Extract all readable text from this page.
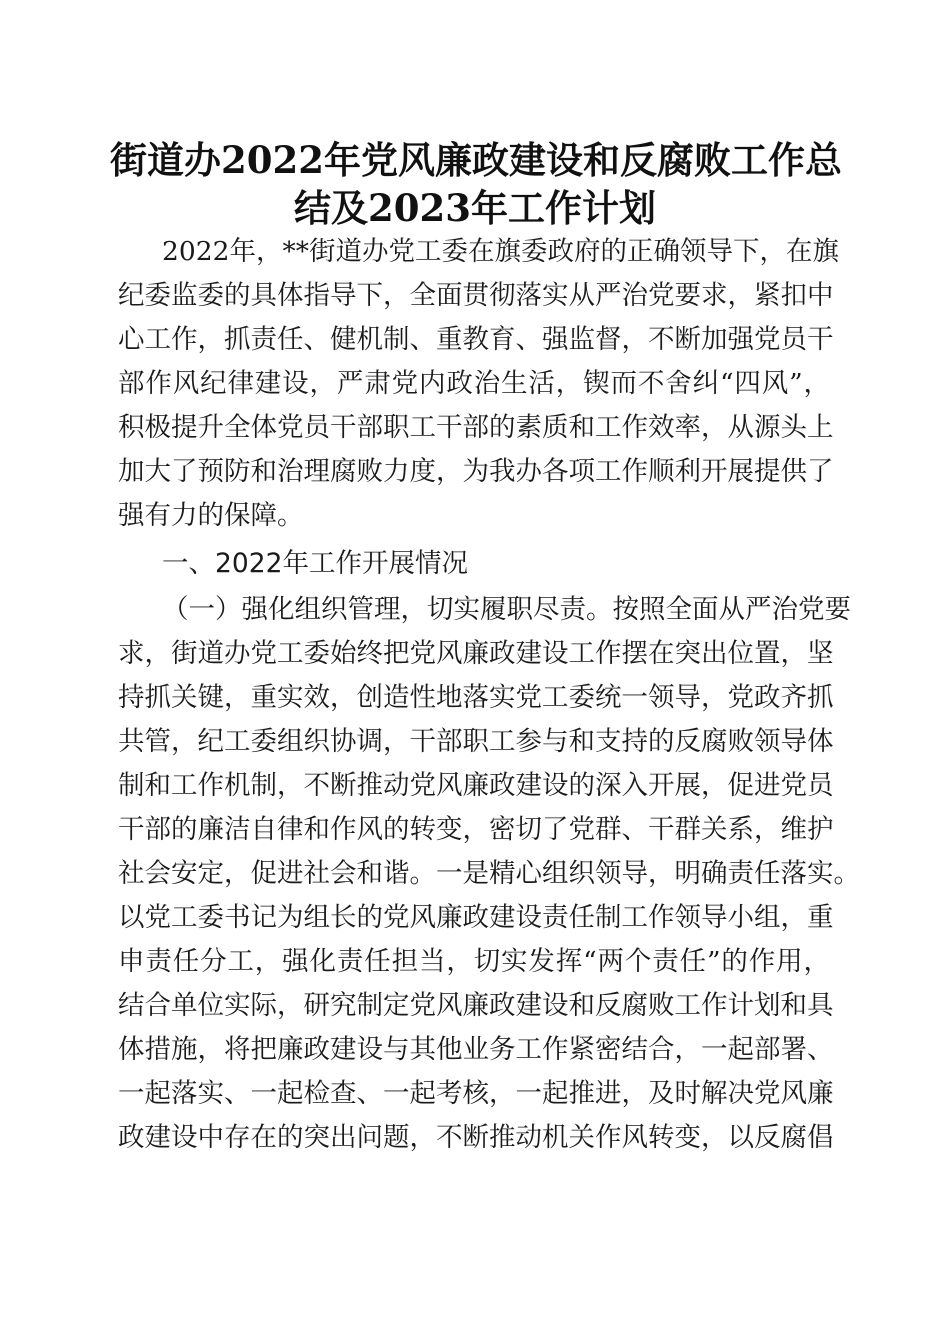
街道办2022年党风廉政建设和反腐败工作总
结及2023年工作计划
2022年，**街道办党工委在旗委政府的正确领导下，在旗
纪委监委的具体指导下，全面贯彻落实从严治党要求，紧扣中
心工作，抓责任、健机制、重教育、强监督，不断加强党员干
部作风纪律建设，严肃党内政治生活，锲而不舍纠“四风”，
积极提升全体党员干部职工干部的素质和工作效率，从源头上
加大了预防和治理腐败力度，为我办各项工作顺利开展提供了
强有力的保障。
一、2022年工作开展情况
（一）强化组织管理，切实履职尽责。按照全面从严治党要
求，街道办党工委始终把党风廉政建设工作摆在突出位置，坚
持抓关键，重实效，创造性地落实党工委统一领导，党政齐抓
共管，纪工委组织协调，干部职工参与和支持的反腐败领导体
制和工作机制，不断推动党风廉政建设的深入开展，促进党员
干部的廉洁自律和作风的转变，密切了党群、干群关系，维护
社会安定，促进社会和谐。一是精心组织领导，明确责任落实。
以党工委书记为组长的党风廉政建设责任制工作领导小组，重
申责任分工，强化责任担当，切实发挥“两个责任”的作用，
结合单位实际，研究制定党风廉政建设和反腐败工作计划和具
体措施，将把廉政建设与其他业务工作紧密结合，一起部署、
一起落实、一起检查、一起考核，一起推进，及时解决党风廉
政建设中存在的突出问题，不断推动机关作风转变，以反腐倡
